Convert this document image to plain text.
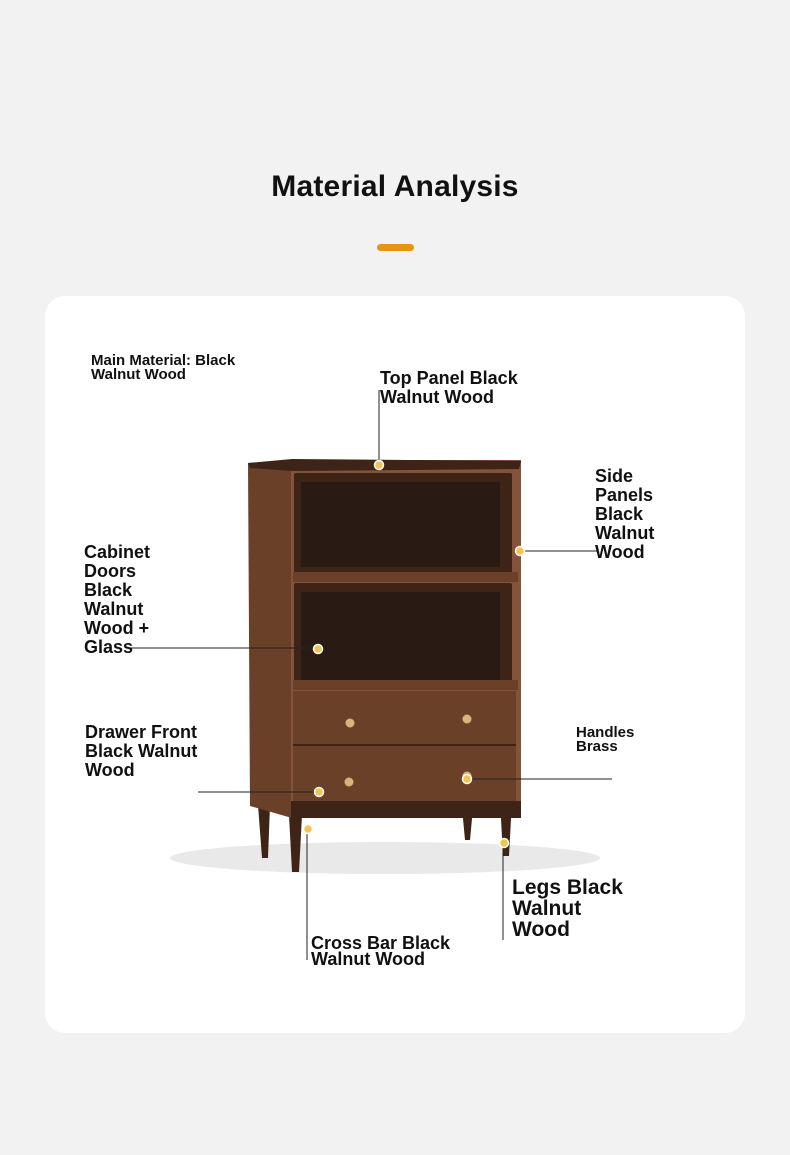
Material Analysis
Main Material: Black Walnut Wood	Top Panel Black Walnut Wood
Side Panels Black Walnut Wood
Cabinet Doors Black Walnut Wood + Glass
Drawer Front Black Walnut Wood
Handles Brass
Legs Black Walnut Wood
Cross Bar Black Walnut Wood
